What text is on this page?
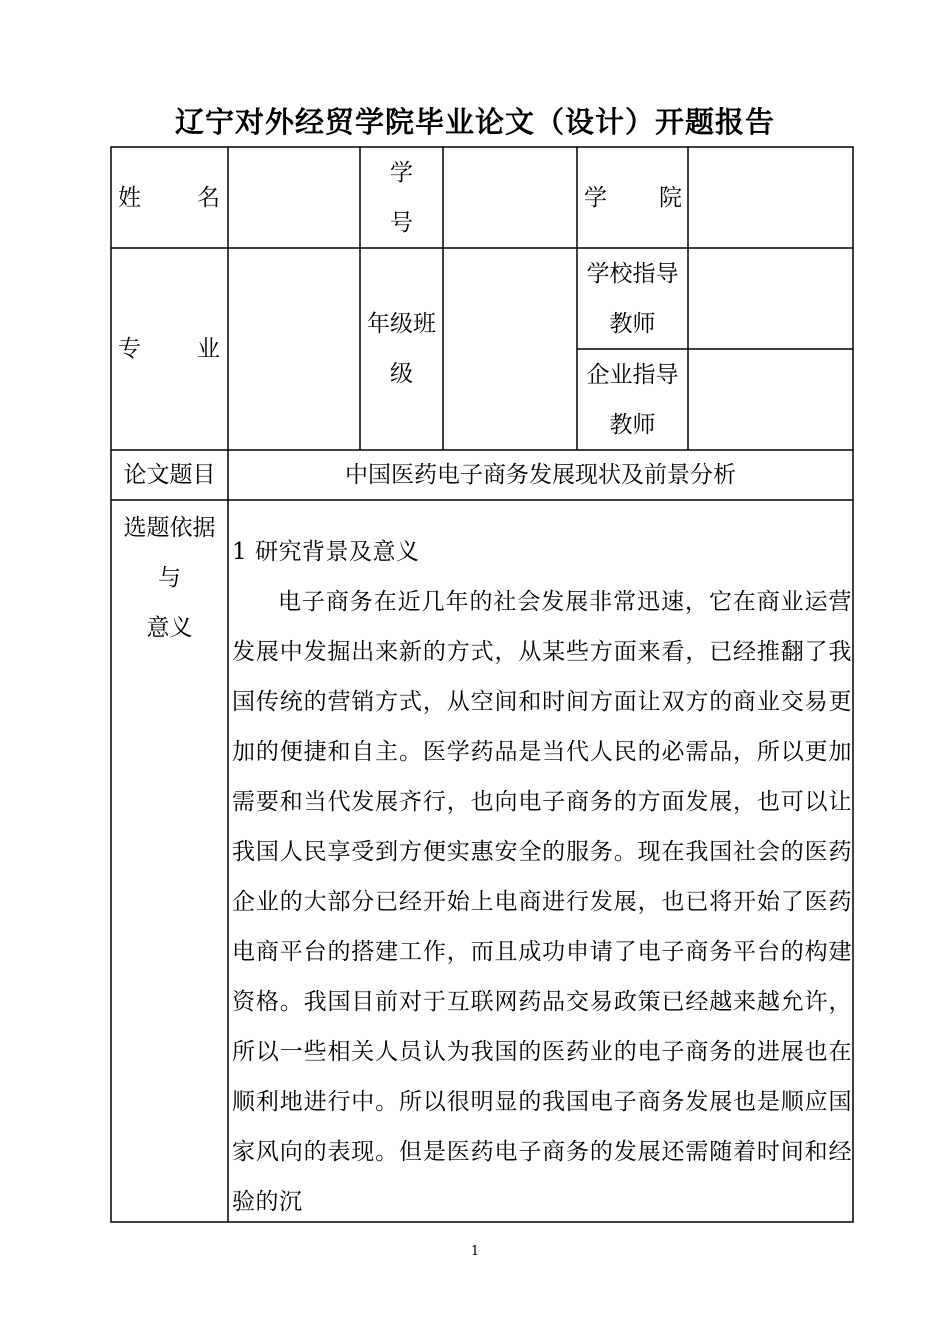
辽宁对外经贸学院毕业论文（设计）开题报告
姓 名
学
号
学 院
专 业
年级班
级
学校指导
教师
企业指导
教师
论文题目	中国医药电子商务发展现状及前景分析
选题依据
与
意义
1 研究背景及意义
电子商务在近几年的社会发展非常迅速，它在商业运营发展中发掘出来新的方式，从某些方面来看，已经推翻了我国传统的营销方式，从空间和时间方面让双方的商业交易更加的便捷和自主。医学药品是当代人民的必需品，所以更加需要和当代发展齐行，也向电子商务的方面发展，也可以让我国人民享受到方便实惠安全的服务。现在我国社会的医药企业的大部分已经开始上电商进行发展，也已将开始了医药电商平台的搭建工作，而且成功申请了电子商务平台的构建资格。我国目前对于互联网药品交易政策已经越来越允许，所以一些相关人员认为我国的医药业的电子商务的进展也在顺利地进行中。所以很明显的我国电子商务发展也是顺应国家风向的表现。但是医药电子商务的发展还需随着时间和经验的沉
1
